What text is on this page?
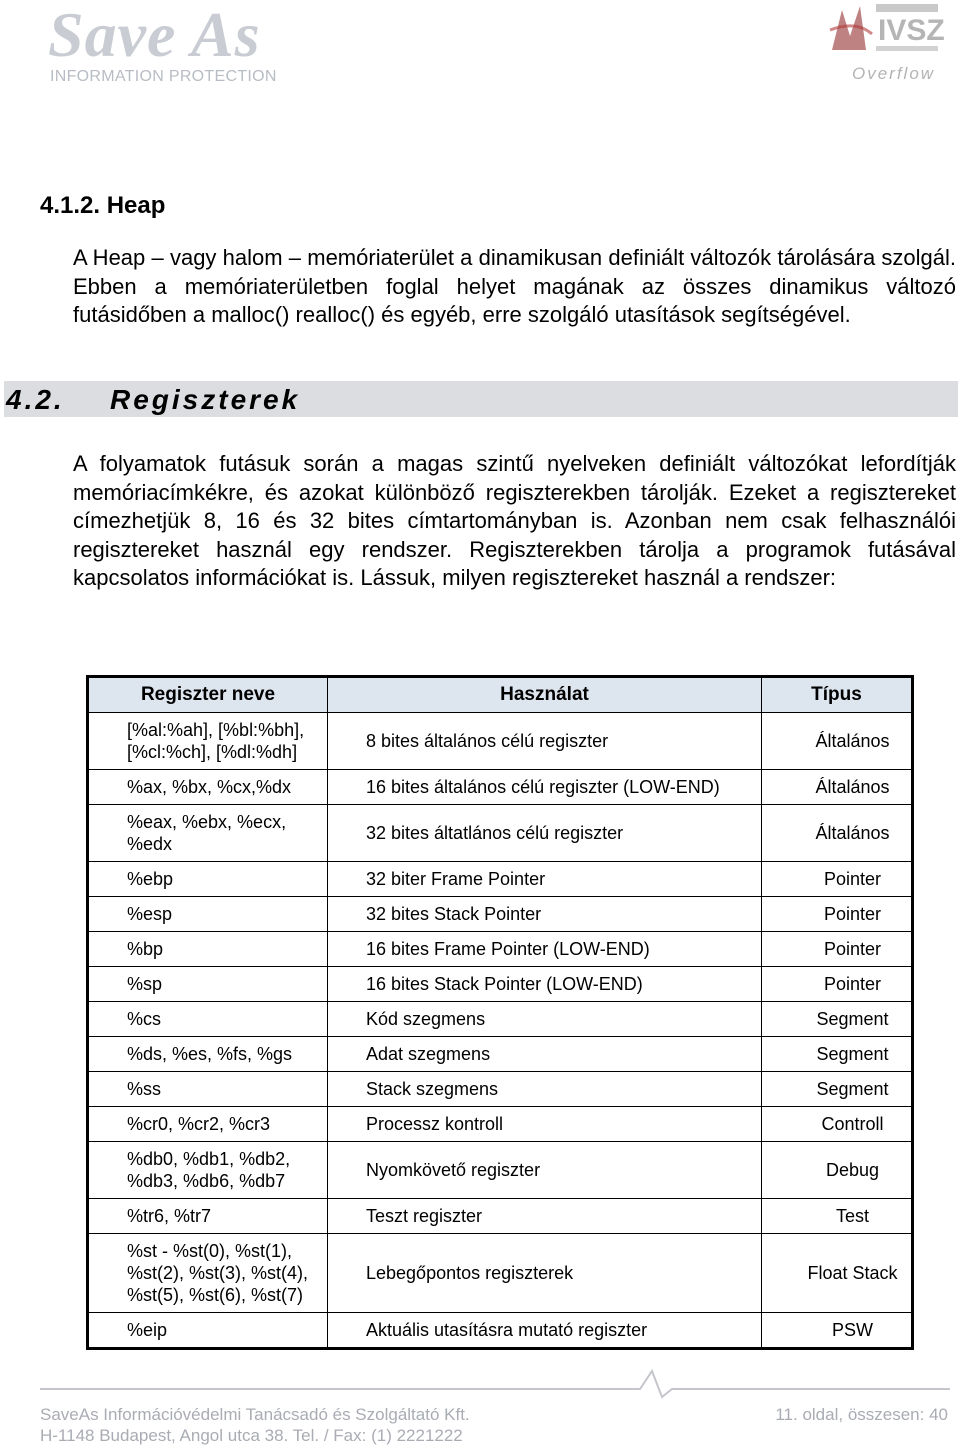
Save As
INFORMATION PROTECTION
IVSZ
Overflow
4.1.2. Heap
A Heap – vagy halom – memóriaterület a dinamikusan definiált változók tárolására szolgál. Ebben a memóriaterületben foglal helyet magának az összes dinamikus változó futásidőben a malloc() realloc() és egyéb, erre szolgáló utasítások segítségével.
4.2. Regiszterek
A folyamatok futásuk során a magas szintű nyelveken definiált változókat lefordítják memóriacímkékre, és azokat különböző regiszterekben tárolják. Ezeket a regisztereket címezhetjük 8, 16 és 32 bites címtartományban is. Azonban nem csak felhasználói regisztereket használ egy rendszer. Regiszterekben tárolja a programok futásával kapcsolatos információkat is. Lássuk, milyen regisztereket használ a rendszer:
Regiszter neve	Használat	Típus
[%al:%ah], [%bl:%bh], [%cl:%ch], [%dl:%dh]	8 bites általános célú regiszter	Általános
%ax, %bx, %cx,%dx	16 bites általános célú regiszter (LOW-END)	Általános
%eax, %ebx, %ecx, %edx	32 bites áltatlános célú regiszter	Általános
%ebp	32 biter Frame Pointer	Pointer
%esp	32 bites Stack Pointer	Pointer
%bp	16 bites Frame Pointer (LOW-END)	Pointer
%sp	16 bites Stack Pointer (LOW-END)	Pointer
%cs	Kód szegmens	Segment
%ds, %es, %fs, %gs	Adat szegmens	Segment
%ss	Stack szegmens	Segment
%cr0, %cr2, %cr3	Processz kontroll	Controll
%db0, %db1, %db2, %db3, %db6, %db7	Nyomkövető regiszter	Debug
%tr6, %tr7	Teszt regiszter	Test
%st - %st(0), %st(1), %st(2), %st(3), %st(4), %st(5), %st(6), %st(7)	Lebegőpontos regiszterek	Float Stack
%eip	Aktuális utasításra mutató regiszter	PSW
SaveAs Információvédelmi Tanácsadó és Szolgáltató Kft.
H-1148 Budapest, Angol utca 38. Tel. / Fax: (1) 2221222
11. oldal, összesen: 40
